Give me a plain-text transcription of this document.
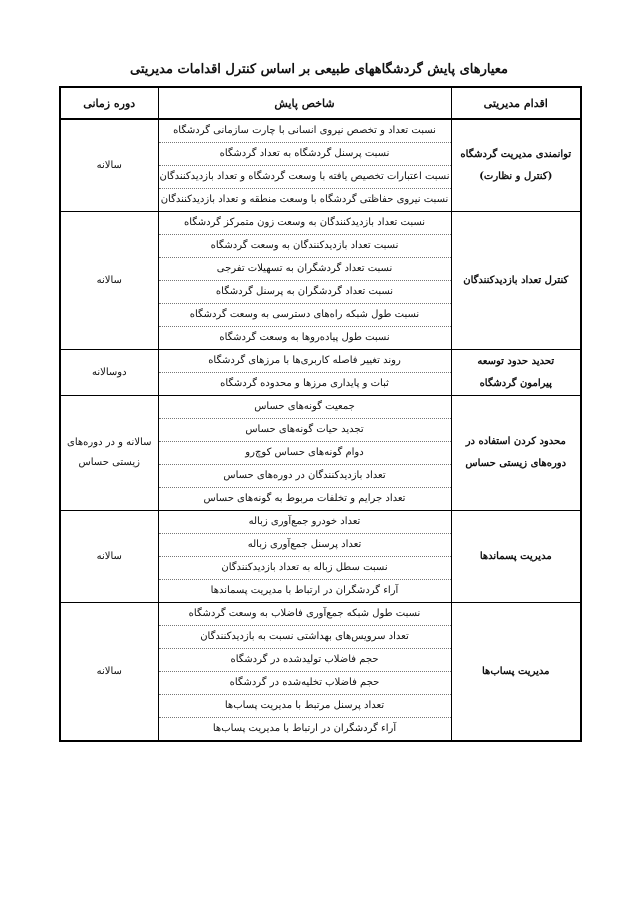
معیارهای پایش گردشگاههای طبیعی بر اساس کنترل اقدامات مدیریتی
اقدام مدیریتی	شاخص پایش	دوره زمانی

توانمندی مدیریت گردشگاه
(کنترل و نظارت)	نسبت تعداد و تخصص نیروی انسانی با چارت سازمانی گردشگاه	سالانه

	نسبت پرسنل گردشگاه به تعداد گردشگاه	
	نسبت اعتبارات تخصیص یافته با وسعت گردشگاه و تعداد بازدیدکنندگان	
	نسبت نیروی حفاظتی گردشگاه با وسعت منطقه و تعداد بازدیدکنندگان	

کنترل تعداد بازدیدکنندگان	نسبت تعداد بازدیدکنندگان به وسعت زون متمرکز گردشگاه	سالانه

	نسبت تعداد بازدیدکنندگان به وسعت گردشگاه	
	نسبت تعداد گردشگران به تسهیلات تفرجی	
	نسبت تعداد گردشگران به پرسنل گردشگاه	
	نسبت طول شبکه راه‌های دسترسی به وسعت گردشگاه	
	نسبت طول پیاده‌روها به وسعت گردشگاه	

تحدید حدود توسعه
پیرامون گردشگاه	روند تغییر فاصله کاربری‌ها با مرزهای گردشگاه	دوسالانه

	ثبات و پایداری مرزها و محدوده گردشگاه	

محدود کردن استفاده در
دوره‌های زیستی حساس	جمعیت گونه‌های حساس	سالانه و در دوره‌های
زیستی حساس

	تجدید حیات گونه‌های حساس	
	دوام گونه‌های حساس کوچ‌رو	
	تعداد بازدیدکنندگان در دوره‌های حساس	
	تعداد جرایم و تخلفات مربوط به گونه‌های حساس	

مدیریت پسماندها	تعداد خودرو جمع‌آوری زباله	سالانه

	تعداد پرسنل جمع‌آوری زباله	
	نسبت سطل زباله به تعداد بازدیدکنندگان	
	آراء گردشگران در ارتباط با مدیریت پسماندها	

مدیریت پساب‌ها	نسبت طول شبکه جمع‌آوری فاضلاب به وسعت گردشگاه	سالانه

	تعداد سرویس‌های بهداشتی نسبت به بازدیدکنندگان	
	حجم فاضلاب تولیدشده در گردشگاه	
	حجم فاضلاب تخلیه‌شده در گردشگاه	
	تعداد پرسنل مرتبط با مدیریت پساب‌ها	
	آراء گردشگران در ارتباط با مدیریت پساب‌ها	
